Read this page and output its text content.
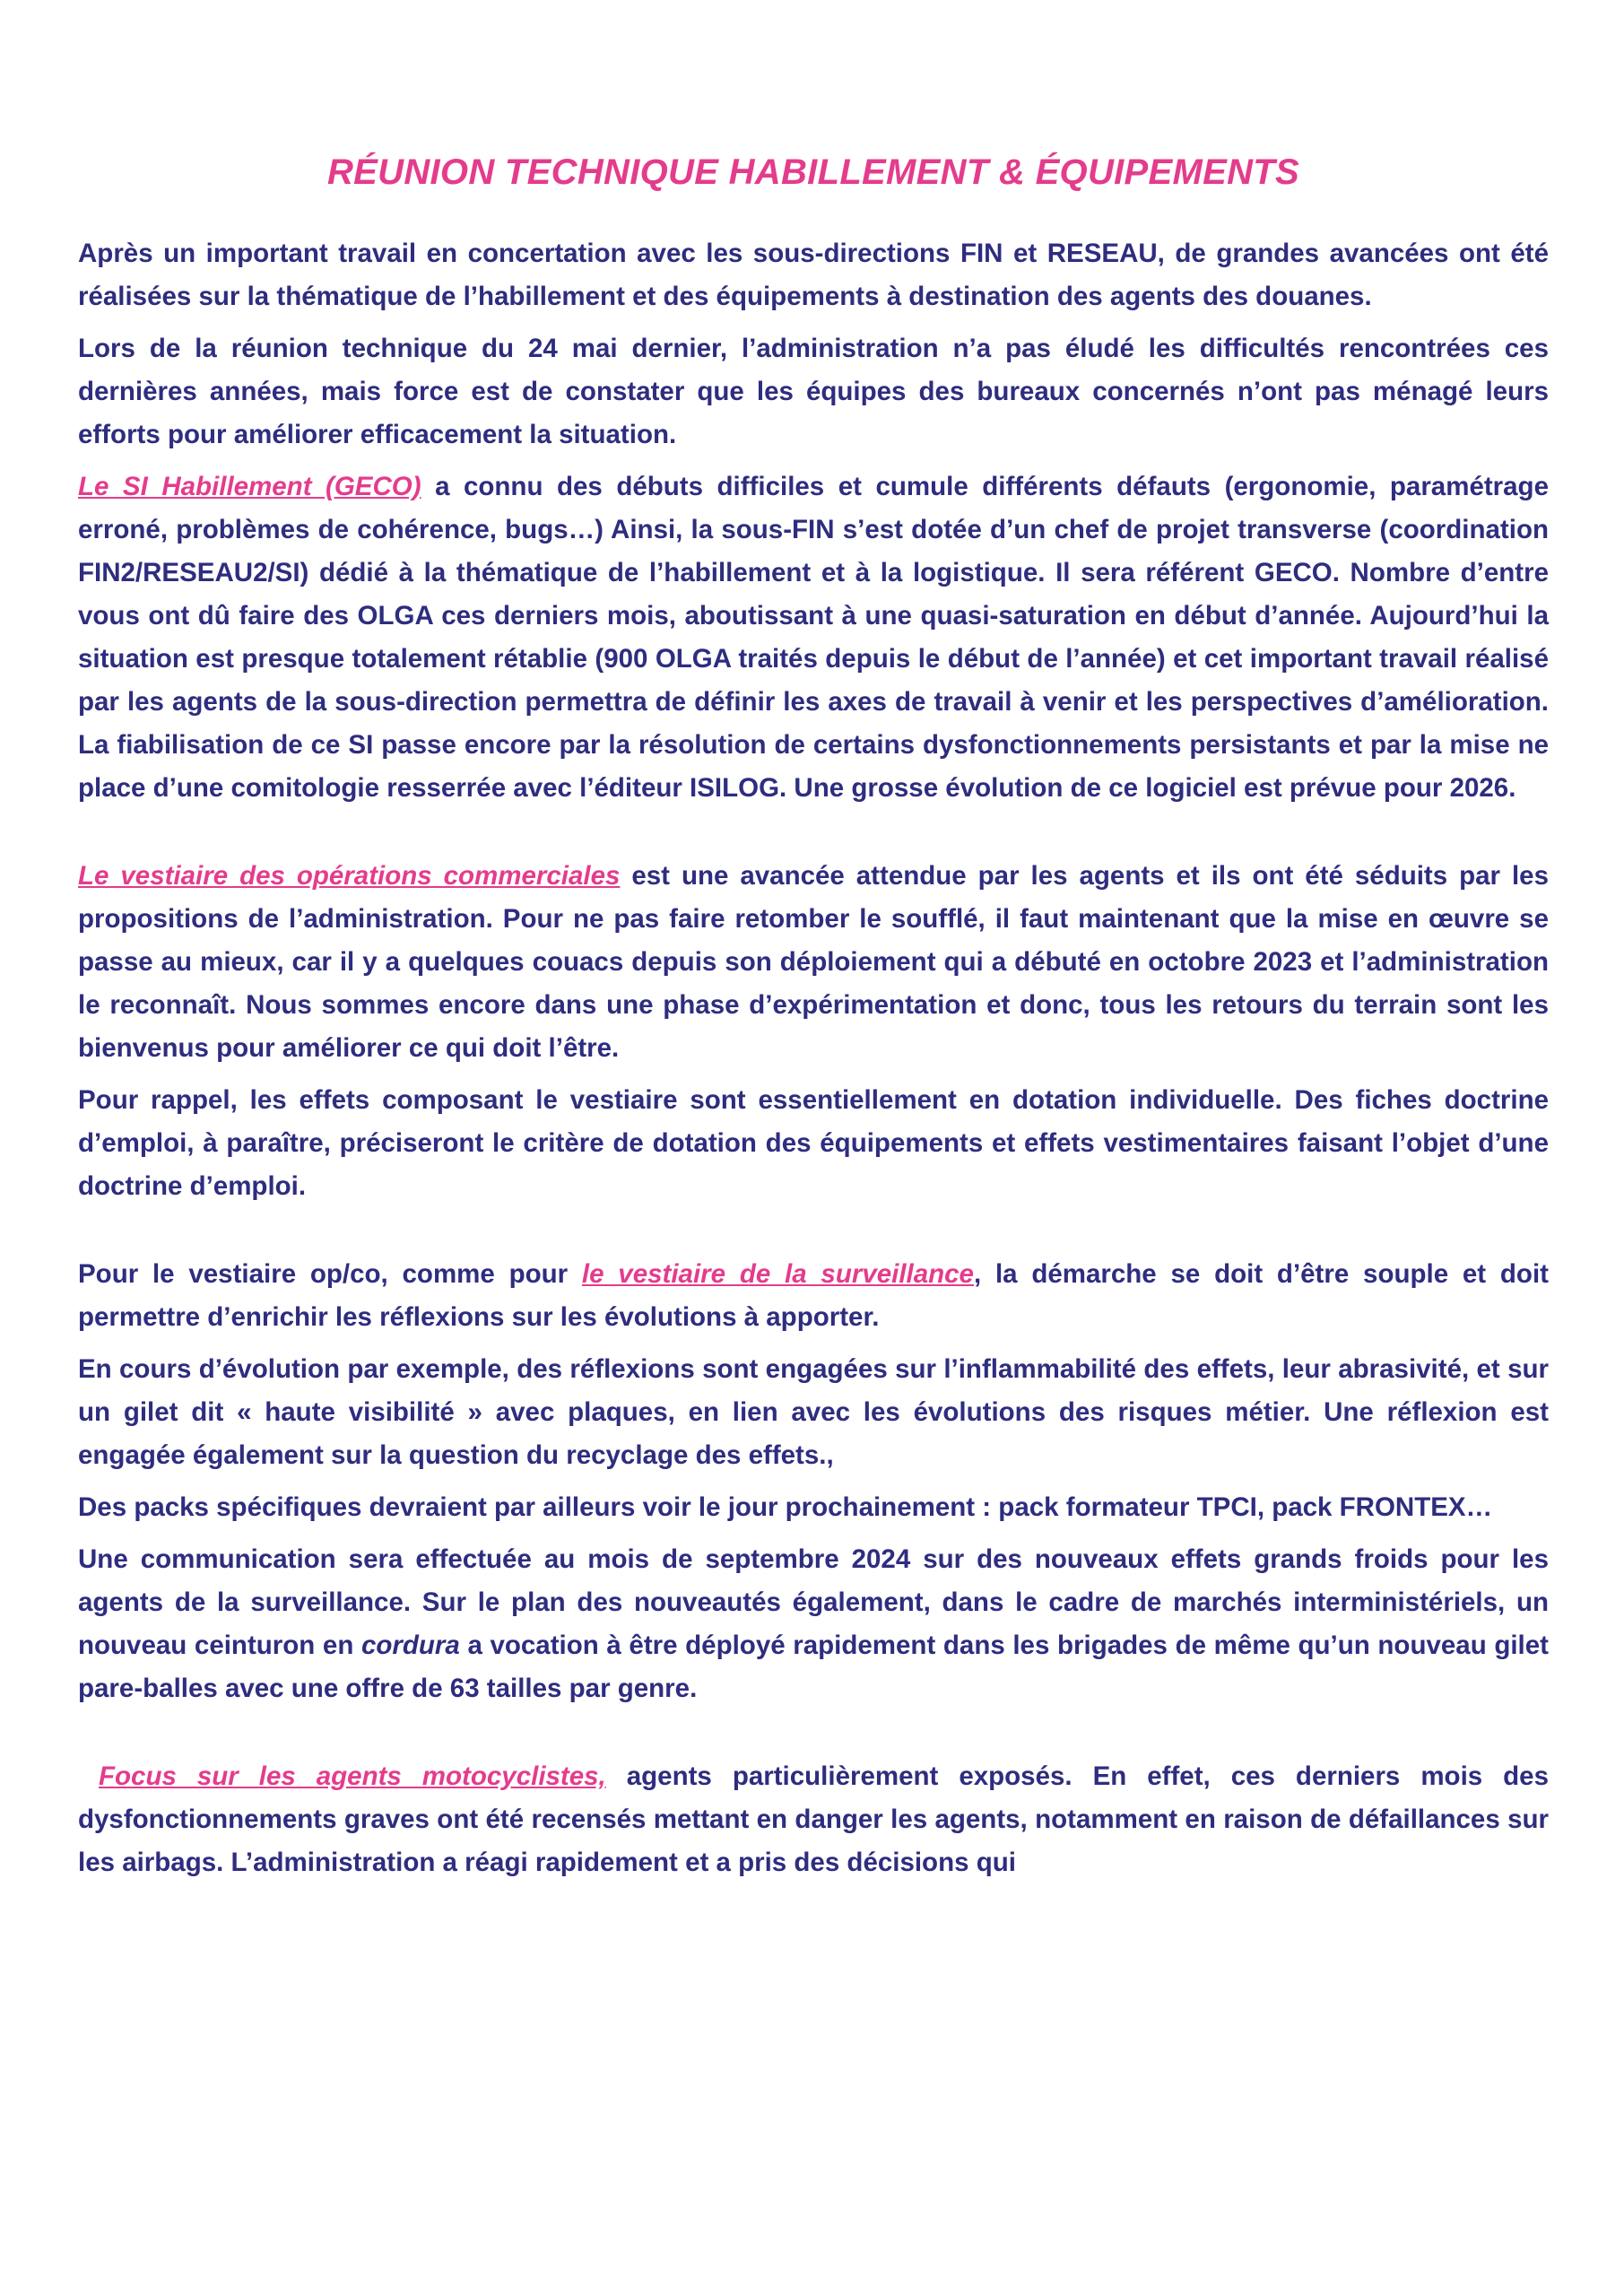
RÉUNION TECHNIQUE HABILLEMENT & ÉQUIPEMENTS

Après un important travail en concertation avec les sous-directions FIN et RESEAU, de grandes avancées ont été réalisées sur la thématique de l’habillement et des équipements à destination des agents des douanes.

Lors de la réunion technique du 24 mai dernier, l’administration n’a pas éludé les difficultés rencontrées ces dernières années, mais force est de constater que les équipes des bureaux concernés n’ont pas ménagé leurs efforts pour améliorer efficacement la situation.

Le SI Habillement (GECO) a connu des débuts difficiles et cumule différents défauts (ergonomie, paramétrage erroné, problèmes de cohérence, bugs…) Ainsi, la sous-FIN s’est dotée d’un chef de projet transverse (coordination FIN2/RESEAU2/SI) dédié à la thématique de l’habillement et à la logistique. Il sera référent GECO. Nombre d’entre vous ont dû faire des OLGA ces derniers mois, aboutissant à une quasi-saturation en début d’année. Aujourd’hui la situation est presque totalement rétablie (900 OLGA traités depuis le début de l’année) et cet important travail réalisé par les agents de la sous-direction permettra de définir les axes de travail à venir et les perspectives d’amélioration. La fiabilisation de ce SI passe encore par la résolution de certains dysfonctionnements persistants et par la mise ne place d’une comitologie resserrée avec l’éditeur ISILOG. Une grosse évolution de ce logiciel est prévue pour 2026.

Le vestiaire des opérations commerciales est une avancée attendue par les agents et ils ont été séduits par les propositions de l’administration. Pour ne pas faire retomber le soufflé, il faut maintenant que la mise en œuvre se passe au mieux, car il y a quelques couacs depuis son déploiement qui a débuté en octobre 2023 et l’administration le reconnaît. Nous sommes encore dans une phase d’expérimentation et donc, tous les retours du terrain sont les bienvenus pour améliorer ce qui doit l’être.

Pour rappel, les effets composant le vestiaire sont essentiellement en dotation individuelle. Des fiches doctrine d’emploi, à paraître, préciseront le critère de dotation des équipements et effets vestimentaires faisant l’objet d’une doctrine d’emploi.

Pour le vestiaire op/co, comme pour le vestiaire de la surveillance, la démarche se doit d’être souple et doit permettre d’enrichir les réflexions sur les évolutions à apporter.

En cours d’évolution par exemple, des réflexions sont engagées sur l’inflammabilité des effets, leur abrasivité, et sur un gilet dit « haute visibilité » avec plaques, en lien avec les évolutions des risques métier. Une réflexion est engagée également sur la question du recyclage des effets.,

Des packs spécifiques devraient par ailleurs voir le jour prochainement : pack formateur TPCI, pack FRONTEX…

Une communication sera effectuée au mois de septembre 2024 sur des nouveaux effets grands froids pour les agents de la surveillance. Sur le plan des nouveautés également, dans le cadre de marchés interministériels, un nouveau ceinturon en cordura a vocation à être déployé rapidement dans les brigades de même qu’un nouveau gilet pare-balles avec une offre de 63 tailles par genre.

Focus sur les agents motocyclistes, agents particulièrement exposés. En effet, ces derniers mois des dysfonctionnements graves ont été recensés mettant en danger les agents, notamment en raison de défaillances sur les airbags. L’administration a réagi rapidement et a pris des décisions qui
